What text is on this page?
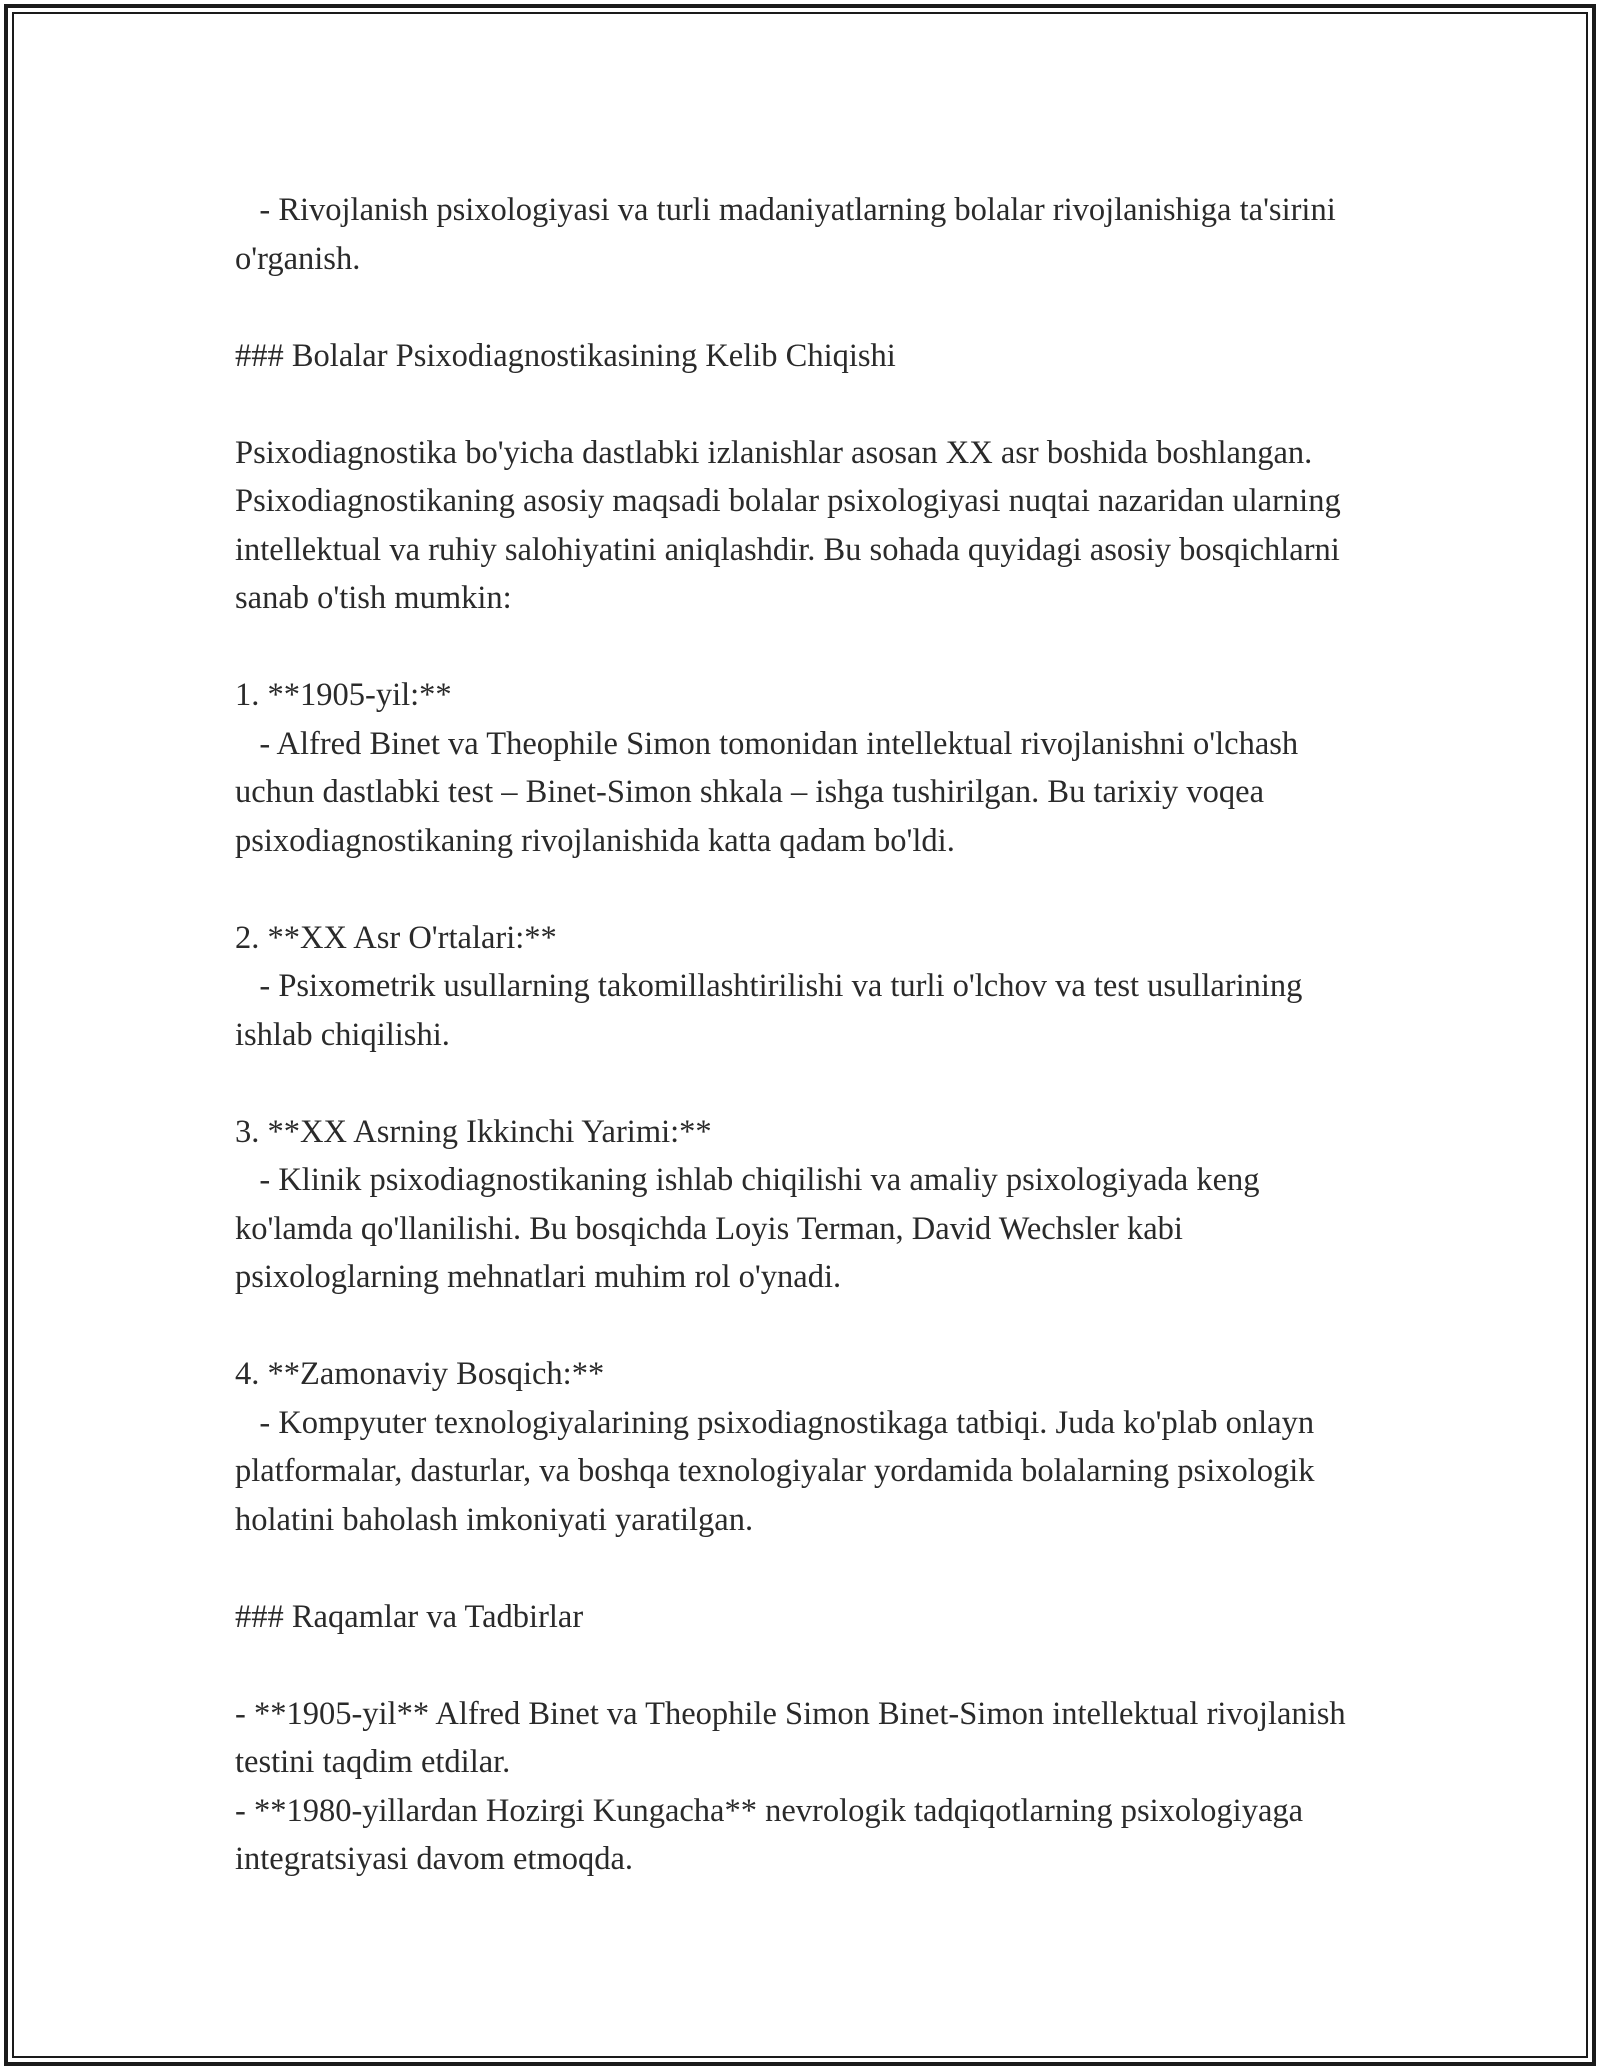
- Rivojlanish psixologiyasi va turli madaniyatlarning bolalar rivojlanishiga ta'sirini o'rganish.
### Bolalar Psixodiagnostikasining Kelib Chiqishi
Psixodiagnostika bo'yicha dastlabki izlanishlar asosan XX asr boshida boshlangan. Psixodiagnostikaning asosiy maqsadi bolalar psixologiyasi nuqtai nazaridan ularning intellektual va ruhiy salohiyatini aniqlashdir. Bu sohada quyidagi asosiy bosqichlarni sanab o'tish mumkin:
1. **1905-yil:**
- Alfred Binet va Theophile Simon tomonidan intellektual rivojlanishni o'lchash uchun dastlabki test – Binet-Simon shkala – ishga tushirilgan. Bu tarixiy voqea psixodiagnostikaning rivojlanishida katta qadam bo'ldi.
2. **XX Asr O'rtalari:**
- Psixometrik usullarning takomillashtirilishi va turli o'lchov va test usullarining ishlab chiqilishi.
3. **XX Asrning Ikkinchi Yarimi:**
- Klinik psixodiagnostikaning ishlab chiqilishi va amaliy psixologiyada keng ko'lamda qo'llanilishi. Bu bosqichda Loyis Terman, David Wechsler kabi psixologlarning mehnatlari muhim rol o'ynadi.
4. **Zamonaviy Bosqich:**
- Kompyuter texnologiyalarining psixodiagnostikaga tatbiqi. Juda ko'plab onlayn platformalar, dasturlar, va boshqa texnologiyalar yordamida bolalarning psixologik holatini baholash imkoniyati yaratilgan.
### Raqamlar va Tadbirlar
- **1905-yil** Alfred Binet va Theophile Simon Binet-Simon intellektual rivojlanish testini taqdim etdilar.
- **1980-yillardan Hozirgi Kungacha** nevrologik tadqiqotlarning psixologiyaga integratsiyasi davom etmoqda.
